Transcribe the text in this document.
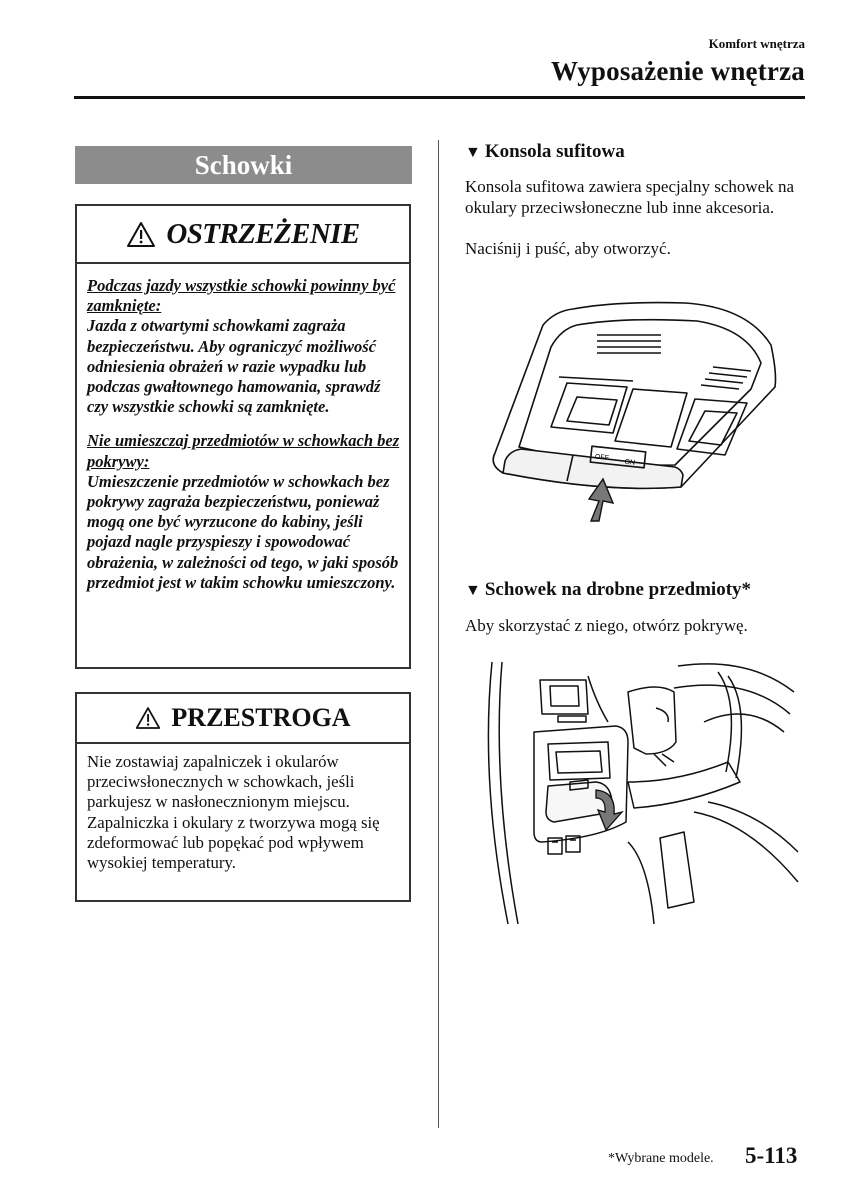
Komfort wnętrza
Wyposażenie wnętrza
Schowki
OSTRZEŻENIE

Podczas jazdy wszystkie schowki powinny być zamknięte:
Jazda z otwartymi schowkami zagraża bezpieczeństwu. Aby ograniczyć możliwość odniesienia obrażeń w razie wypadku lub podczas gwałtownego hamowania, sprawdź czy wszystkie schowki są zamknięte.

Nie umieszczaj przedmiotów w schowkach bez pokrywy:
Umieszczenie przedmiotów w schowkach bez pokrywy zagraża bezpieczeństwu, ponieważ mogą one być wyrzucone do kabiny, jeśli pojazd nagle przyspieszy i spowodować obrażenia, w zależności od tego, w jaki sposób przedmiot jest w takim schowku umieszczony.

PRZESTROGA
Nie zostawiaj zapalniczek i okularów przeciwsłonecznych w schowkach, jeśli parkujesz w nasłonecznionym miejscu. Zapalniczka i okulary z tworzywa mogą się zdeformować lub popękać pod wpływem wysokiej temperatury.
▼ Konsola sufitowa
Konsola sufitowa zawiera specjalny schowek na okulary przeciwsłoneczne lub inne akcesoria.
Naciśnij i puść, aby otworzyć.
OFF
ON
▼ Schowek na drobne przedmioty*
Aby skorzystać z niego, otwórz pokrywę.
*Wybrane modele. 5-113
